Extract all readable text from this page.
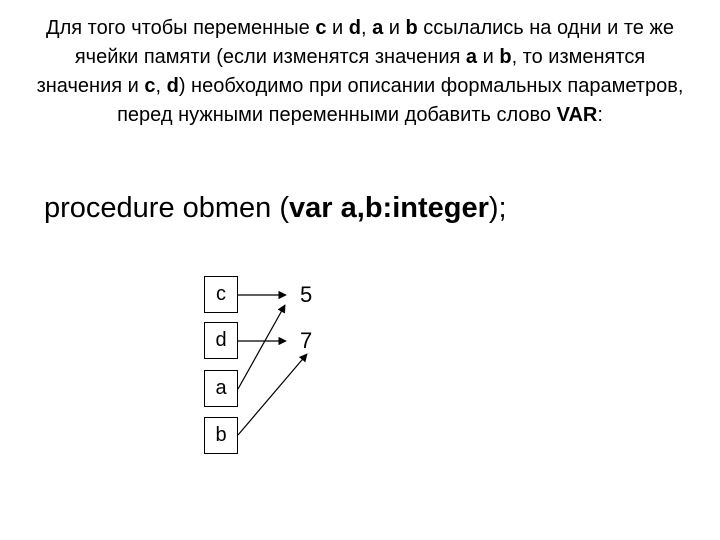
Для того чтобы переменные c и d, a и b ссылались на одни и те же ячейки памяти (если изменятся значения a и b, то изменятся значения и c, d) необходимо при описании формальных параметров, перед нужными переменными добавить слово VAR:
procedure obmen (var a,b:integer);
c
d
a
b
5
7
